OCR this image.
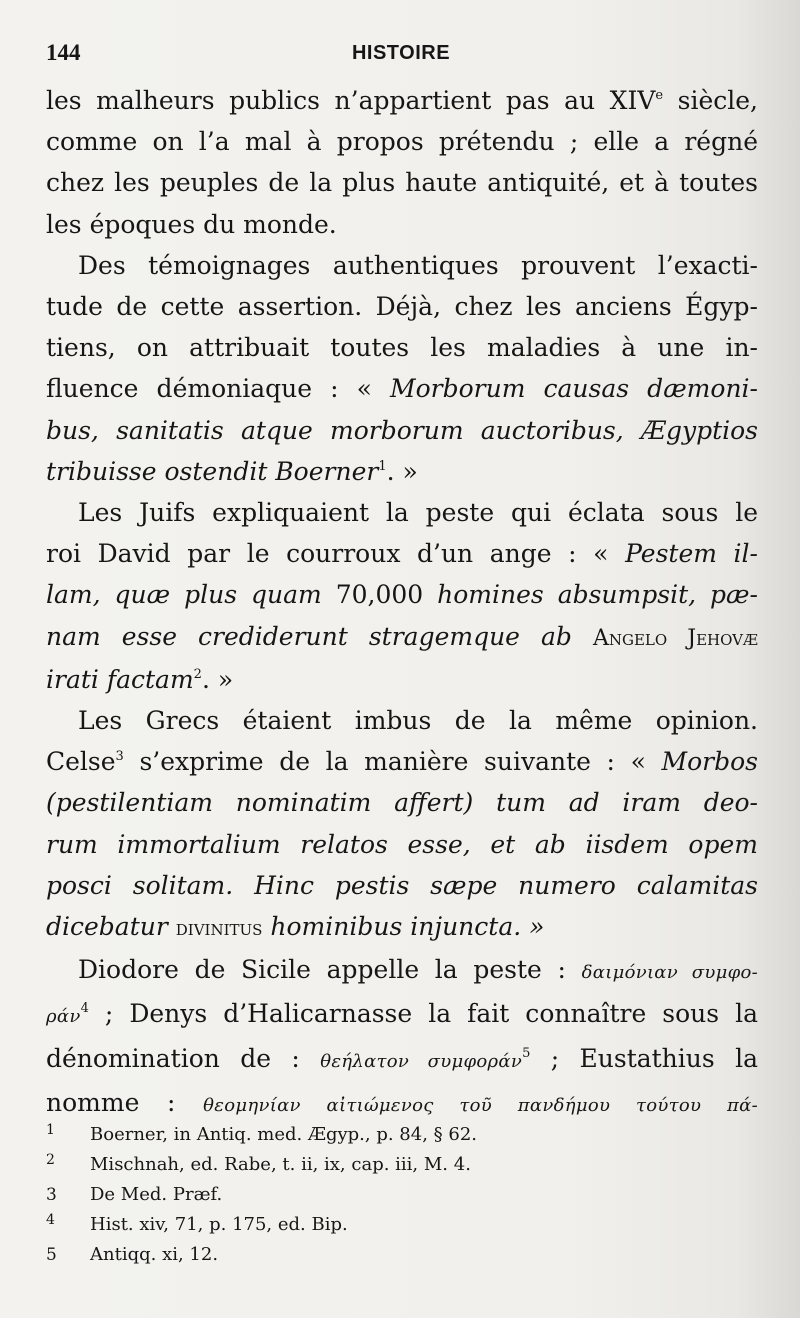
144	HISTOIRE
les malheurs publics n’appartient pas au XIVe siècle,
comme on l’a mal à propos prétendu ; elle a régné
chez les peuples de la plus haute antiquité, et à toutes
les époques du monde.
Des témoignages authentiques prouvent l’exacti-
tude de cette assertion. Déjà, chez les anciens Égyp-
tiens, on attribuait toutes les maladies à une in-
fluence démoniaque : « Morborum causas dæmoni-
bus, sanitatis atque morborum auctoribus, Ægyptios
tribuisse ostendit Boerner$^1$. »
Les Juifs expliquaient la peste qui éclata sous le
roi David par le courroux d’un ange : « Pestem il-
lam, quæ plus quam 70,000 homines absumpsit, pæ-
nam esse crediderunt stragemque ab Angelo Jehovæ
irati factam$^2$. »
Les Grecs étaient imbus de la même opinion.
Celse$^3$ s’exprime de la manière suivante : « Morbos
(pestilentiam nominatim affert) tum ad iram deo-
rum immortalium relatos esse, et ab iisdem opem
posci solitam. Hinc pestis sæpe numero calamitas
dicebatur divinitus hominibus injuncta. »
Diodore de Sicile appelle la peste : δαιμόνιαν συμφο-
ράν$^4$ ; Denys d’Halicarnasse la fait connaître sous la
dénomination de : θεήλατον συμφοράν$^5$ ; Eustathius la
nomme : θεομηνίαν αἰτιώμενος τοῦ πανδήμου τούτου πά-
1 Boerner, in Antiq. med. Ægyp., p. 84, § 62.
2 Mischnah, ed. Rabe, t. ii, ix, cap. iii, M. 4.
3 De Med. Præf.
4 Hist. xiv, 71, p. 175, ed. Bip.
5 Antiqq. xi, 12.
